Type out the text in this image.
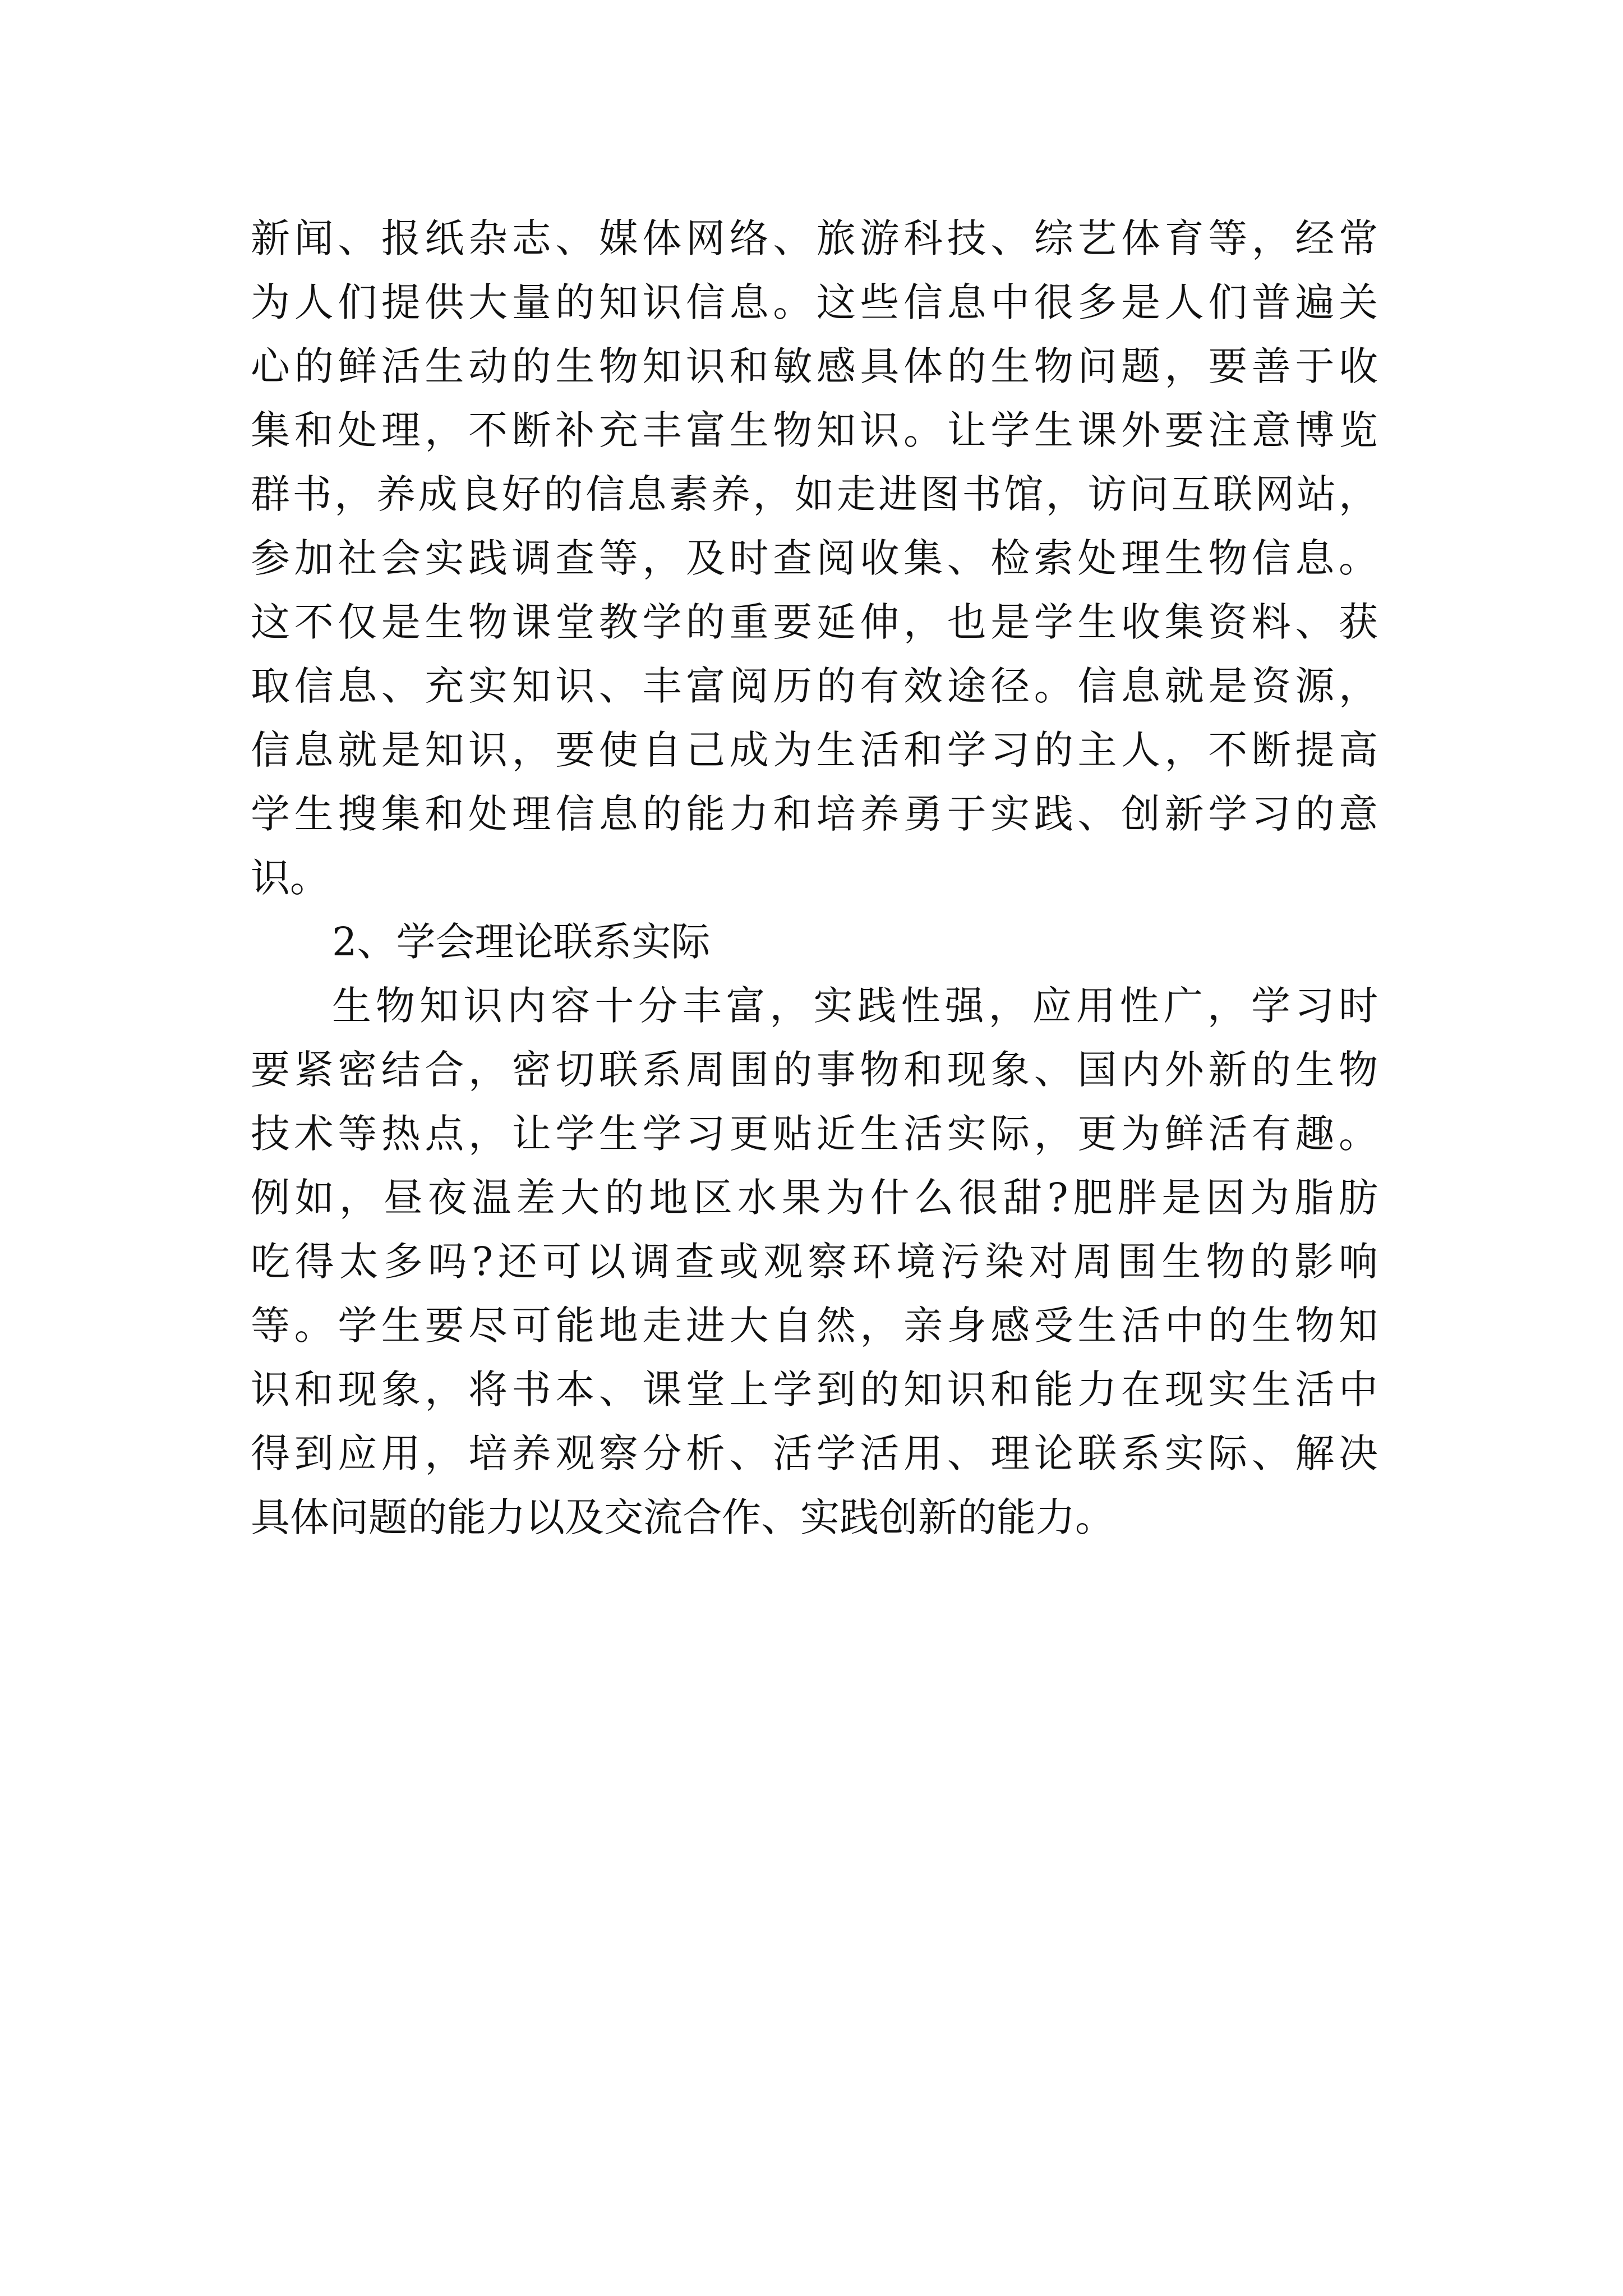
新闻、报纸杂志、媒体网络、旅游科技、综艺体育等，经常
为人们提供大量的知识信息。这些信息中很多是人们普遍关
心的鲜活生动的生物知识和敏感具体的生物问题，要善于收
集和处理，不断补充丰富生物知识。让学生课外要注意博览
群书，养成良好的信息素养，如走进图书馆，访问互联网站，
参加社会实践调查等，及时查阅收集、检索处理生物信息。
这不仅是生物课堂教学的重要延伸，也是学生收集资料、获
取信息、充实知识、丰富阅历的有效途径。信息就是资源，
信息就是知识，要使自己成为生活和学习的主人，不断提高
学生搜集和处理信息的能力和培养勇于实践、创新学习的意
识。
2、学会理论联系实际
生物知识内容十分丰富，实践性强，应用性广，学习时
要紧密结合，密切联系周围的事物和现象、国内外新的生物
技术等热点，让学生学习更贴近生活实际，更为鲜活有趣。
例如，昼夜温差大的地区水果为什么很甜?肥胖是因为脂肪
吃得太多吗?还可以调查或观察环境污染对周围生物的影响
等。学生要尽可能地走进大自然，亲身感受生活中的生物知
识和现象，将书本、课堂上学到的知识和能力在现实生活中
得到应用，培养观察分析、活学活用、理论联系实际、解决
具体问题的能力以及交流合作、实践创新的能力。
